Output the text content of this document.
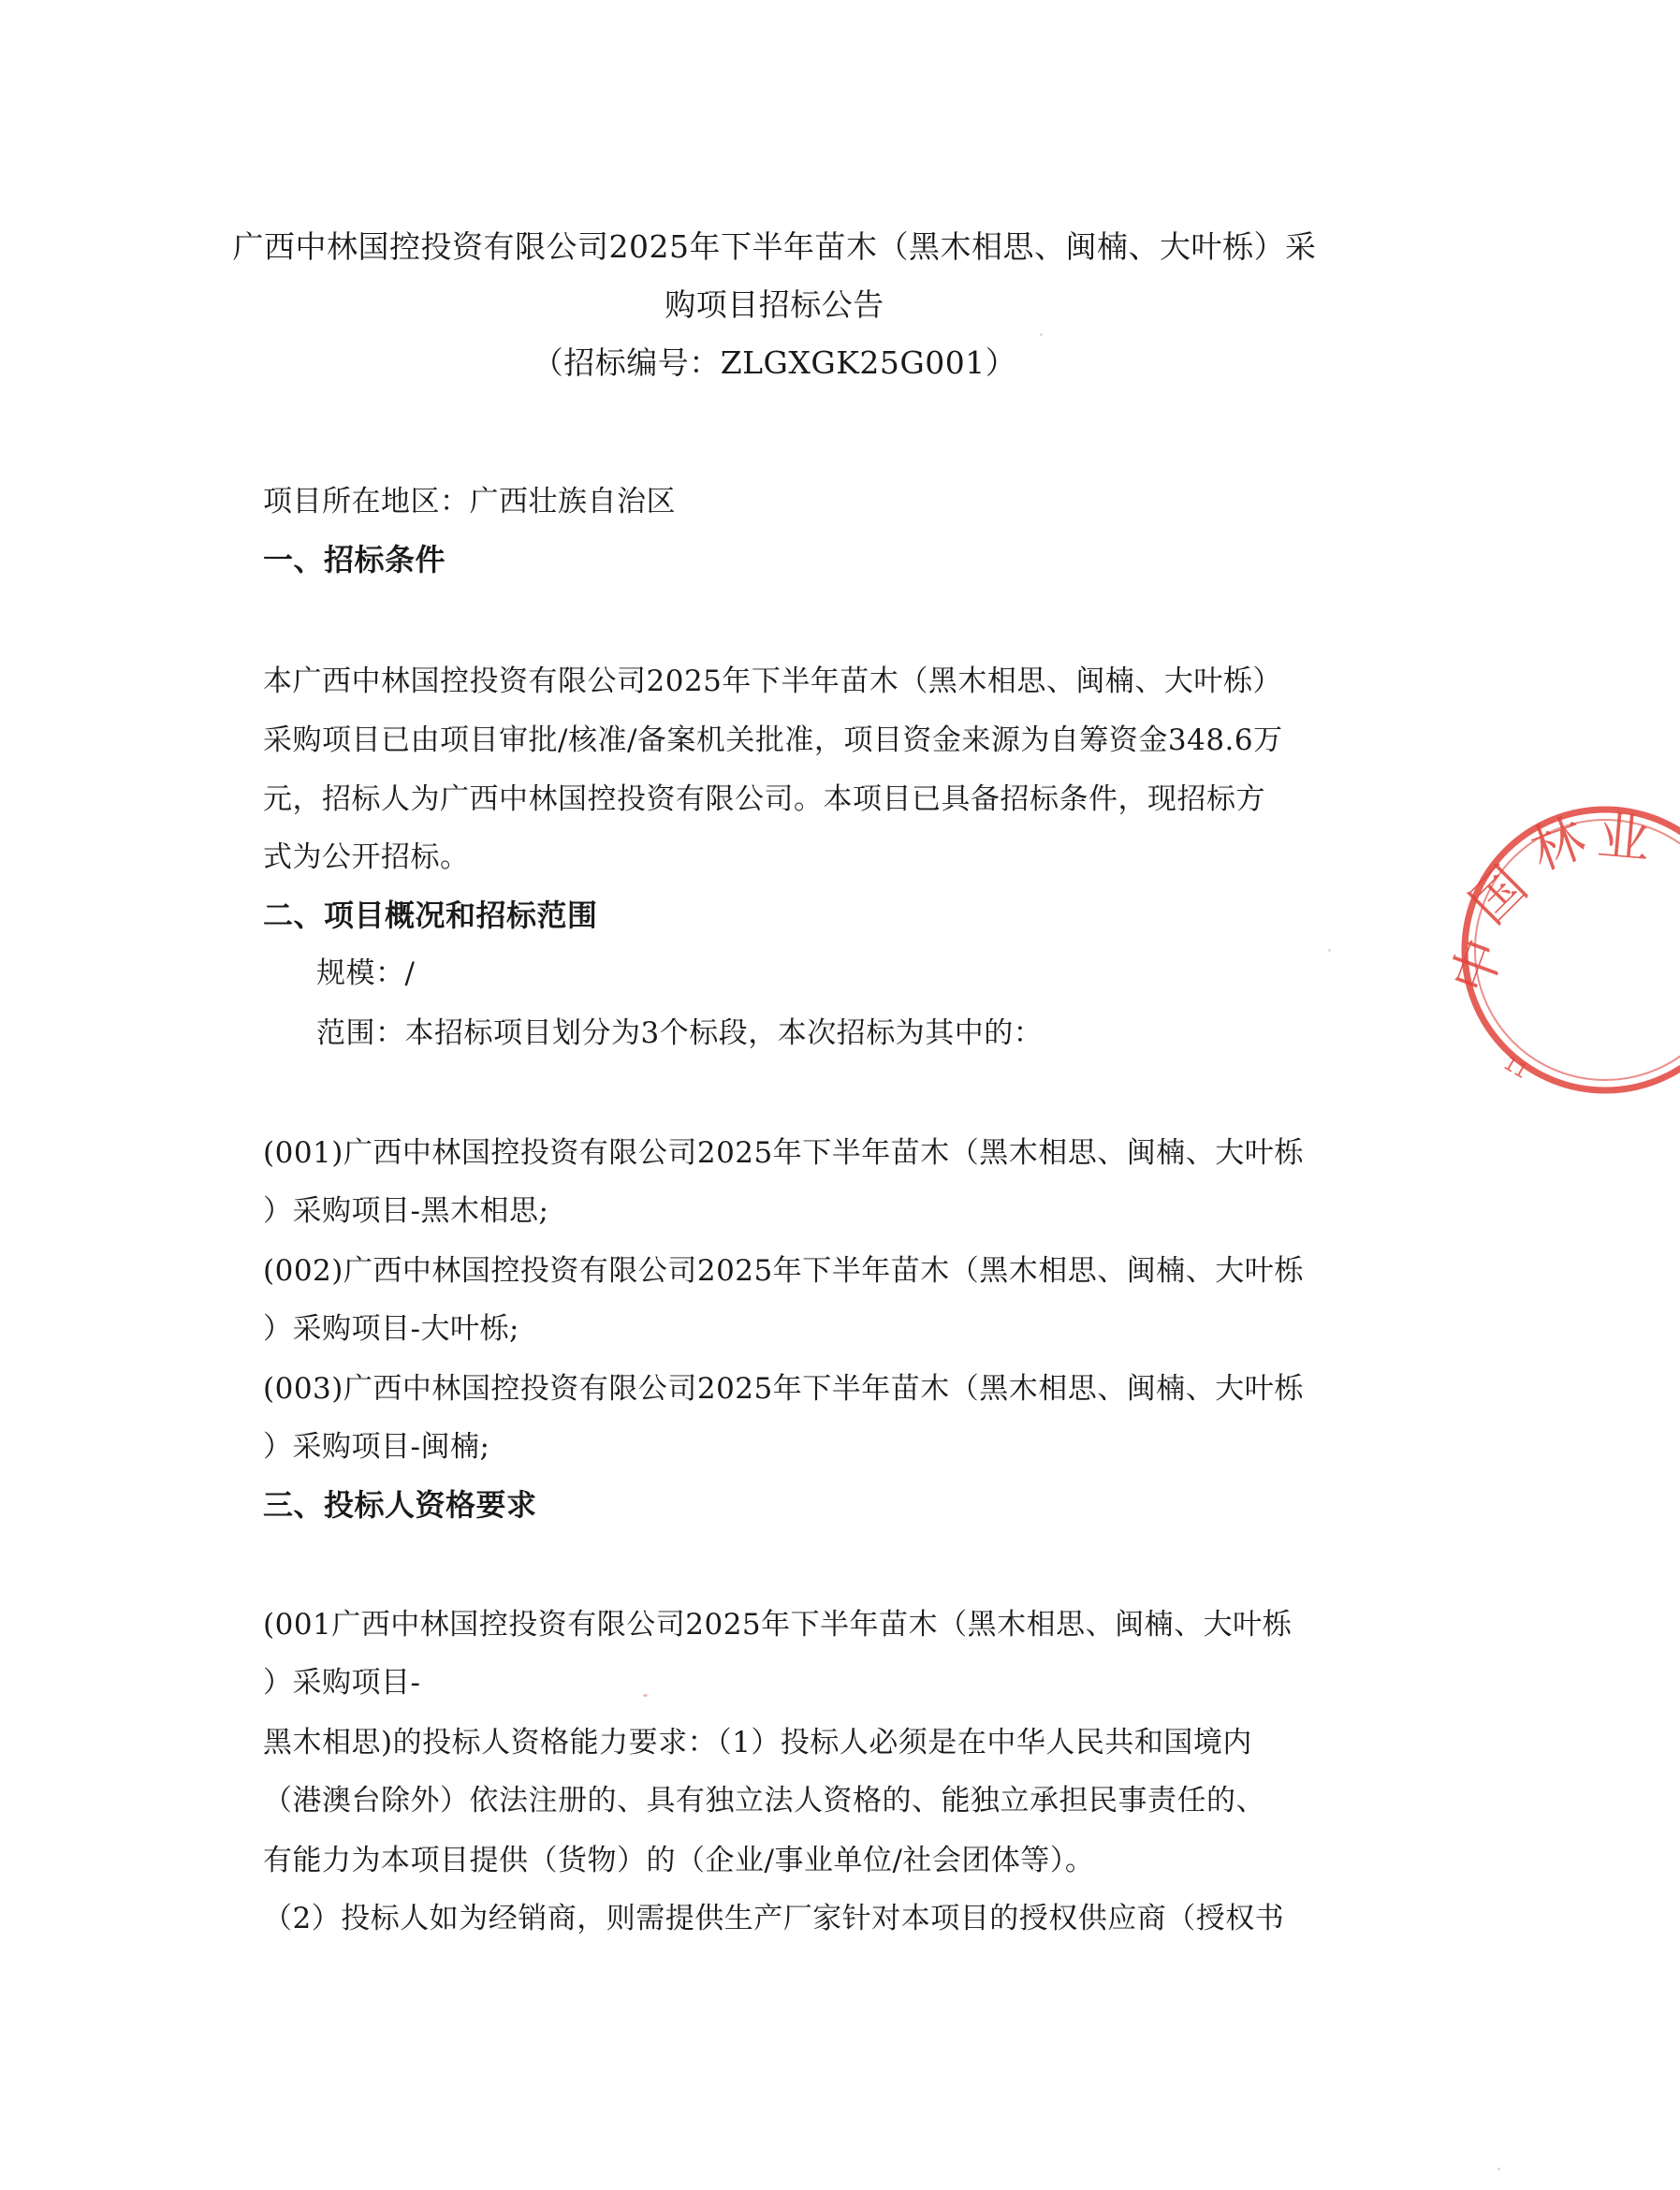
广西中林国控投资有限公司2025年下半年苗木（黑木相思、闽楠、大叶栎）采
购项目招标公告
（招标编号：ZLGXGK25G001）
项目所在地区：广西壮族自治区
一、招标条件
本广西中林国控投资有限公司2025年下半年苗木（黑木相思、闽楠、大叶栎）
采购项目已由项目审批/核准/备案机关批准，项目资金来源为自筹资金348.6万
元，招标人为广西中林国控投资有限公司。本项目已具备招标条件，现招标方
式为公开招标。
二、项目概况和招标范围
规模：/
范围：本招标项目划分为3个标段，本次招标为其中的：
(001)广西中林国控投资有限公司2025年下半年苗木（黑木相思、闽楠、大叶栎
）采购项目-黑木相思;
(002)广西中林国控投资有限公司2025年下半年苗木（黑木相思、闽楠、大叶栎
）采购项目-大叶栎;
(003)广西中林国控投资有限公司2025年下半年苗木（黑木相思、闽楠、大叶栎
）采购项目-闽楠;
三、投标人资格要求
(001广西中林国控投资有限公司2025年下半年苗木（黑木相思、闽楠、大叶栎
）采购项目-
黑木相思)的投标人资格能力要求：（1）投标人必须是在中华人民共和国境内
（港澳台除外）依法注册的、具有独立法人资格的、能独立承担民事责任的、
有能力为本项目提供（货物）的（企业/事业单位/社会团体等）。
（2）投标人如为经销商，则需提供生产厂家针对本项目的授权供应商（授权书
中
国
林 业
11
